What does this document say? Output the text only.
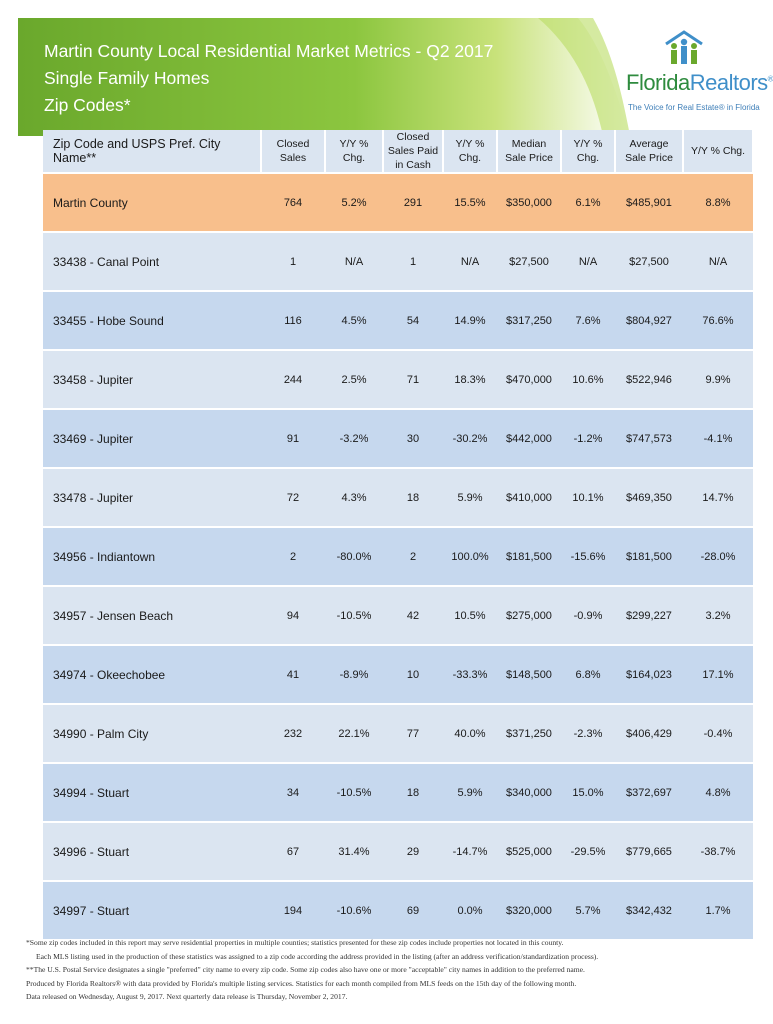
Martin County Local Residential Market Metrics - Q2 2017
Single Family Homes
Zip Codes*
FloridaRealtors®
The Voice for Real Estate® in Florida
Zip Code and USPS Pref. City Name**	Closed Sales	Y/Y % Chg.	Closed Sales Paid in Cash	Y/Y % Chg.	Median Sale Price	Y/Y % Chg.	Average Sale Price	Y/Y % Chg.
Martin County	764	5.2%	291	15.5%	$350,000	6.1%	$485,901	8.8%
33438 - Canal Point	1	N/A	1	N/A	$27,500	N/A	$27,500	N/A
33455 - Hobe Sound	116	4.5%	54	14.9%	$317,250	7.6%	$804,927	76.6%
33458 - Jupiter	244	2.5%	71	18.3%	$470,000	10.6%	$522,946	9.9%
33469 - Jupiter	91	-3.2%	30	-30.2%	$442,000	-1.2%	$747,573	-4.1%
33478 - Jupiter	72	4.3%	18	5.9%	$410,000	10.1%	$469,350	14.7%
34956 - Indiantown	2	-80.0%	2	100.0%	$181,500	-15.6%	$181,500	-28.0%
34957 - Jensen Beach	94	-10.5%	42	10.5%	$275,000	-0.9%	$299,227	3.2%
34974 - Okeechobee	41	-8.9%	10	-33.3%	$148,500	6.8%	$164,023	17.1%
34990 - Palm City	232	22.1%	77	40.0%	$371,250	-2.3%	$406,429	-0.4%
34994 - Stuart	34	-10.5%	18	5.9%	$340,000	15.0%	$372,697	4.8%
34996 - Stuart	67	31.4%	29	-14.7%	$525,000	-29.5%	$779,665	-38.7%
34997 - Stuart	194	-10.6%	69	0.0%	$320,000	5.7%	$342,432	1.7%
*Some zip codes included in this report may serve residential properties in multiple counties; statistics presented for these zip codes include properties not located in this county.
Each MLS listing used in the production of these statistics was assigned to a zip code according the address provided in the listing (after an address verification/standardization process).
**The U.S. Postal Service designates a single "preferred" city name to every zip code. Some zip codes also have one or more "acceptable" city names in addition to the preferred name.
Produced by Florida Realtors® with data provided by Florida's multiple listing services. Statistics for each month compiled from MLS feeds on the 15th day of the following month.
Data released on Wednesday, August 9, 2017. Next quarterly data release is Thursday, November 2, 2017.
